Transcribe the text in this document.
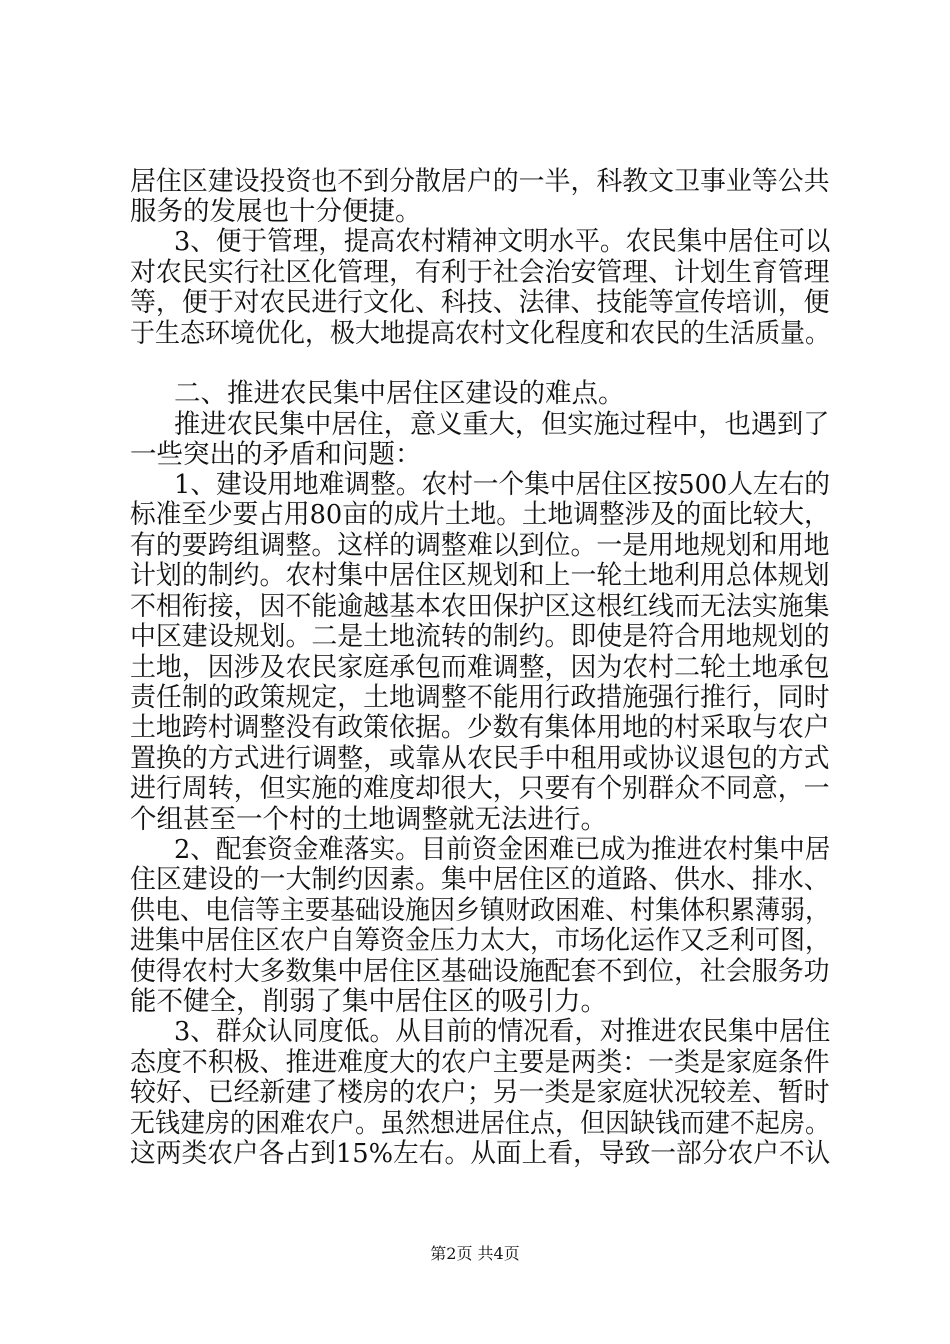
居住区建设投资也不到分散居户的一半，科教文卫事业等公共
服务的发展也十分便捷。
3、便于管理，提高农村精神文明水平。农民集中居住可以
对农民实行社区化管理，有利于社会治安管理、计划生育管理
等，便于对农民进行文化、科技、法律、技能等宣传培训，便
于生态环境优化，极大地提高农村文化程度和农民的生活质量。
二、推进农民集中居住区建设的难点。
推进农民集中居住，意义重大，但实施过程中，也遇到了
一些突出的矛盾和问题：
1、建设用地难调整。农村一个集中居住区按500人左右的
标准至少要占用80亩的成片土地。土地调整涉及的面比较大，
有的要跨组调整。这样的调整难以到位。一是用地规划和用地
计划的制约。农村集中居住区规划和上一轮土地利用总体规划
不相衔接，因不能逾越基本农田保护区这根红线而无法实施集
中区建设规划。二是土地流转的制约。即使是符合用地规划的
土地，因涉及农民家庭承包而难调整，因为农村二轮土地承包
责任制的政策规定，土地调整不能用行政措施强行推行，同时
土地跨村调整没有政策依据。少数有集体用地的村采取与农户
置换的方式进行调整，或靠从农民手中租用或协议退包的方式
进行周转，但实施的难度却很大，只要有个别群众不同意，一
个组甚至一个村的土地调整就无法进行。
2、配套资金难落实。目前资金困难已成为推进农村集中居
住区建设的一大制约因素。集中居住区的道路、供水、排水、
供电、电信等主要基础设施因乡镇财政困难、村集体积累薄弱，
进集中居住区农户自筹资金压力太大，市场化运作又乏利可图，
使得农村大多数集中居住区基础设施配套不到位，社会服务功
能不健全，削弱了集中居住区的吸引力。
3、群众认同度低。从目前的情况看，对推进农民集中居住
态度不积极、推进难度大的农户主要是两类：一类是家庭条件
较好、已经新建了楼房的农户；另一类是家庭状况较差、暂时
无钱建房的困难农户。虽然想进居住点，但因缺钱而建不起房。
这两类农户各占到15%左右。从面上看，导致一部分农户不认
第2页 共4页
